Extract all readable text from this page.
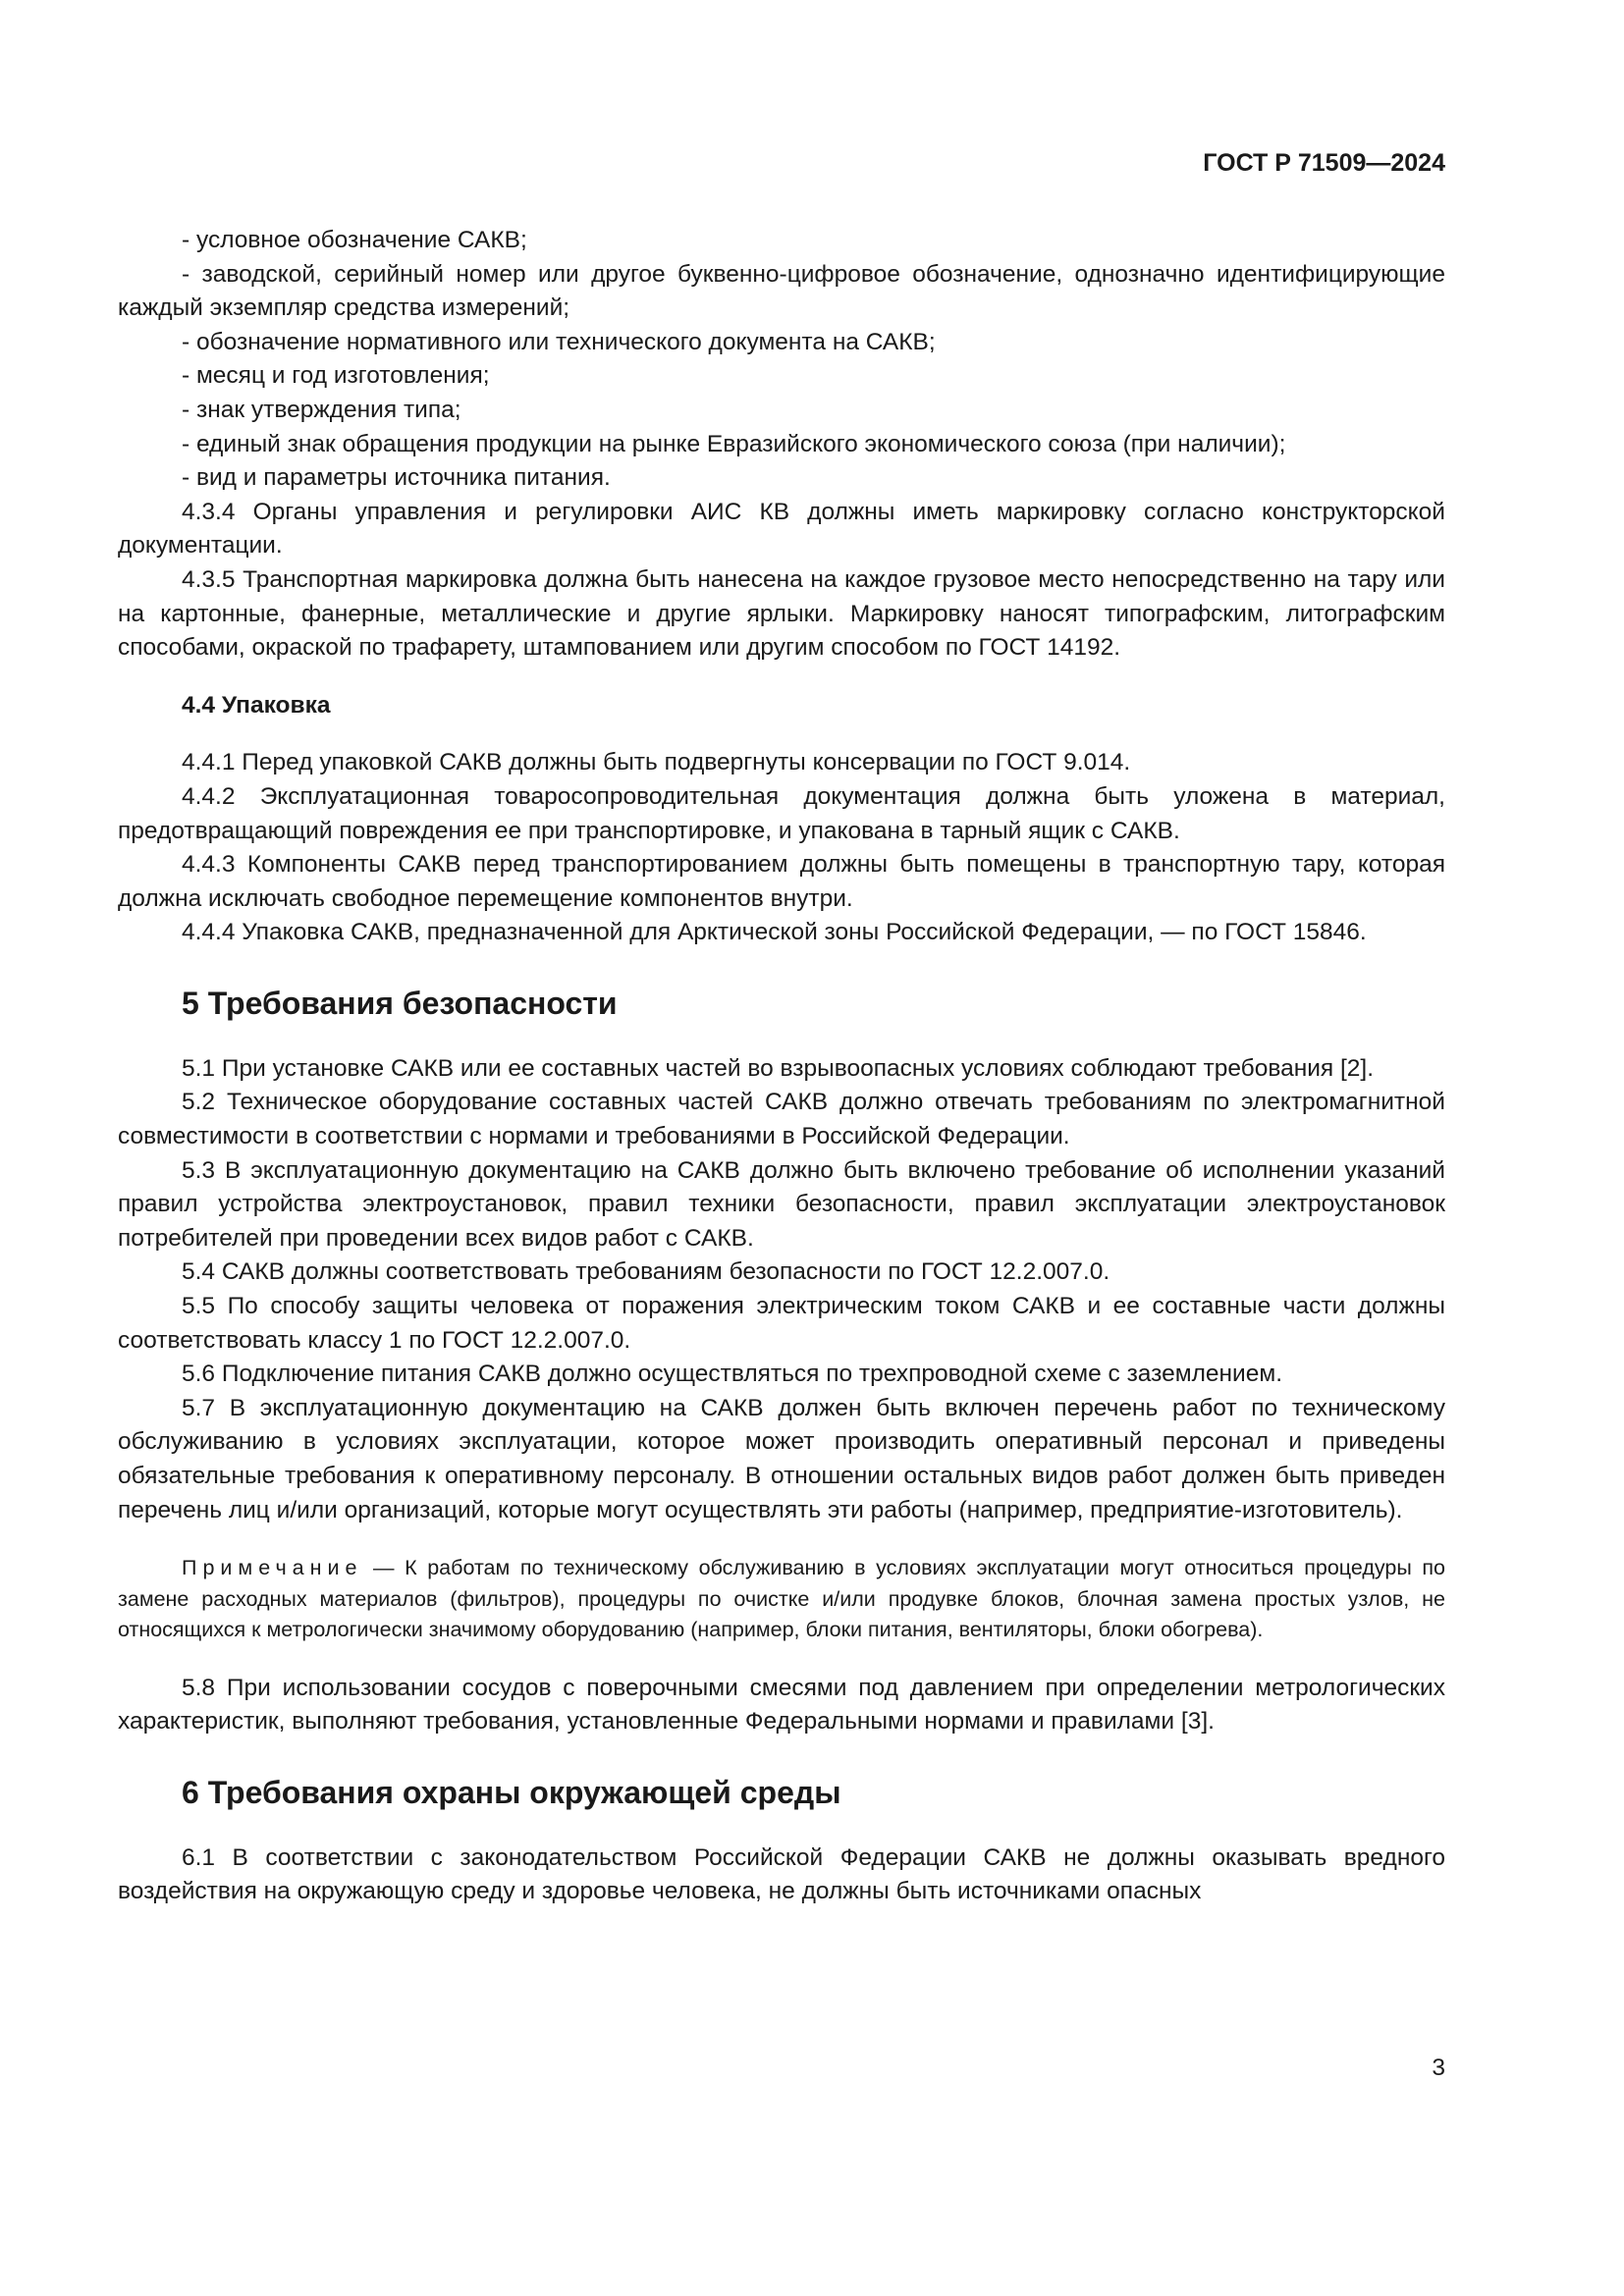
ГОСТ Р 71509—2024

- условное обозначение САКВ;

- заводской, серийный номер или другое буквенно-цифровое обозначение, однозначно идентифицирующие каждый экземпляр средства измерений;

- обозначение нормативного или технического документа на САКВ;

- месяц и год изготовления;

- знак утверждения типа;

- единый знак обращения продукции на рынке Евразийского экономического союза (при наличии);

- вид и параметры источника питания.

4.3.4 Органы управления и регулировки АИС КВ должны иметь маркировку согласно конструкторской документации.

4.3.5 Транспортная маркировка должна быть нанесена на каждое грузовое место непосредственно на тару или на картонные, фанерные, металлические и другие ярлыки. Маркировку наносят типографским, литографским способами, окраской по трафарету, штампованием или другим способом по ГОСТ 14192.

4.4 Упаковка

4.4.1 Перед упаковкой САКВ должны быть подвергнуты консервации по ГОСТ 9.014.

4.4.2 Эксплуатационная товаросопроводительная документация должна быть уложена в материал, предотвращающий повреждения ее при транспортировке, и упакована в тарный ящик с САКВ.

4.4.3 Компоненты САКВ перед транспортированием должны быть помещены в транспортную тару, которая должна исключать свободное перемещение компонентов внутри.

4.4.4 Упаковка САКВ, предназначенной для Арктической зоны Российской Федерации, — по ГОСТ 15846.

5 Требования безопасности

5.1 При установке САКВ или ее составных частей во взрывоопасных условиях соблюдают требования [2].

5.2 Техническое оборудование составных частей САКВ должно отвечать требованиям по электромагнитной совместимости в соответствии с нормами и требованиями в Российской Федерации.

5.3 В эксплуатационную документацию на САКВ должно быть включено требование об исполнении указаний правил устройства электроустановок, правил техники безопасности, правил эксплуатации электроустановок потребителей при проведении всех видов работ с САКВ.

5.4 САКВ должны соответствовать требованиям безопасности по ГОСТ 12.2.007.0.

5.5 По способу защиты человека от поражения электрическим током САКВ и ее составные части должны соответствовать классу 1 по ГОСТ 12.2.007.0.

5.6 Подключение питания САКВ должно осуществляться по трехпроводной схеме с заземлением.

5.7 В эксплуатационную документацию на САКВ должен быть включен перечень работ по техническому обслуживанию в условиях эксплуатации, которое может производить оперативный персонал и приведены обязательные требования к оперативному персоналу. В отношении остальных видов работ должен быть приведен перечень лиц и/или организаций, которые могут осуществлять эти работы (например, предприятие-изготовитель).

Примечание — К работам по техническому обслуживанию в условиях эксплуатации могут относиться процедуры по замене расходных материалов (фильтров), процедуры по очистке и/или продувке блоков, блочная замена простых узлов, не относящихся к метрологически значимому оборудованию (например, блоки питания, вентиляторы, блоки обогрева).

5.8 При использовании сосудов с поверочными смесями под давлением при определении метрологических характеристик, выполняют требования, установленные Федеральными нормами и правилами [3].

6 Требования охраны окружающей среды

6.1 В соответствии с законодательством Российской Федерации САКВ не должны оказывать вредного воздействия на окружающую среду и здоровье человека, не должны быть источниками опасных

3
